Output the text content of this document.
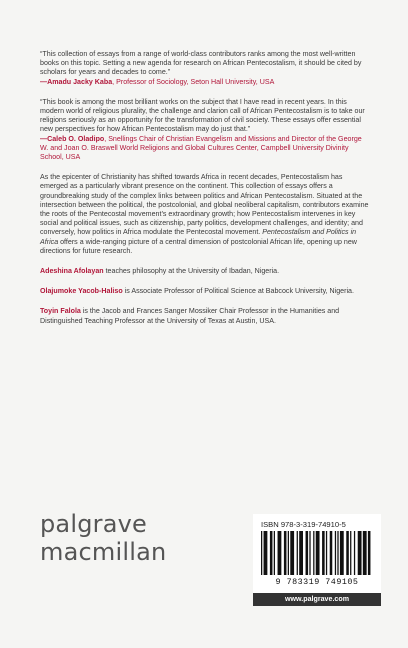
“This collection of essays from a range of world-class contributors ranks among the most well-written books on this topic. Setting a new agenda for research on African Pentecostalism, it should be cited by scholars for years and decades to come.”
—Amadu Jacky Kaba, Professor of Sociology, Seton Hall University, USA

“This book is among the most brilliant works on the subject that I have read in recent years. In this modern world of religious plurality, the challenge and clarion call of African Pentecostalism is to take our religions seriously as an opportunity for the transformation of civil society. These essays offer essential new perspectives for how African Pentecostalism may do just that.”
—Caleb O. Oladipo, Snellings Chair of Christian Evangelism and Missions and Director of the George W. and Joan O. Braswell World Religions and Global Cultures Center, Campbell University Divinity School, USA

As the epicenter of Christianity has shifted towards Africa in recent decades, Pentecostalism has emerged as a particularly vibrant presence on the continent. This collection of essays offers a groundbreaking study of the complex links between politics and African Pentecostalism. Situated at the intersection between the political, the postcolonial, and global neoliberal capitalism, contributors examine the roots of the Pentecostal movement’s extraordinary growth; how Pentecostalism intervenes in key social and political issues, such as citizenship, party politics, development challenges, and identity; and conversely, how politics in Africa modulate the Pentecostal movement. Pentecostalism and Politics in Africa offers a wide-ranging picture of a central dimension of postcolonial African life, opening up new directions for future research.

Adeshina Afolayan teaches philosophy at the University of Ibadan, Nigeria.

Olajumoke Yacob-Haliso is Associate Professor of Political Science at Babcock University, Nigeria.

Toyin Falola is the Jacob and Frances Sanger Mossiker Chair Professor in the Humanities and Distinguished Teaching Professor at the University of Texas at Austin, USA.

palgrave
macmillan
ISBN 978-3-319-74910-5
9 783319 749105
www.palgrave.com
